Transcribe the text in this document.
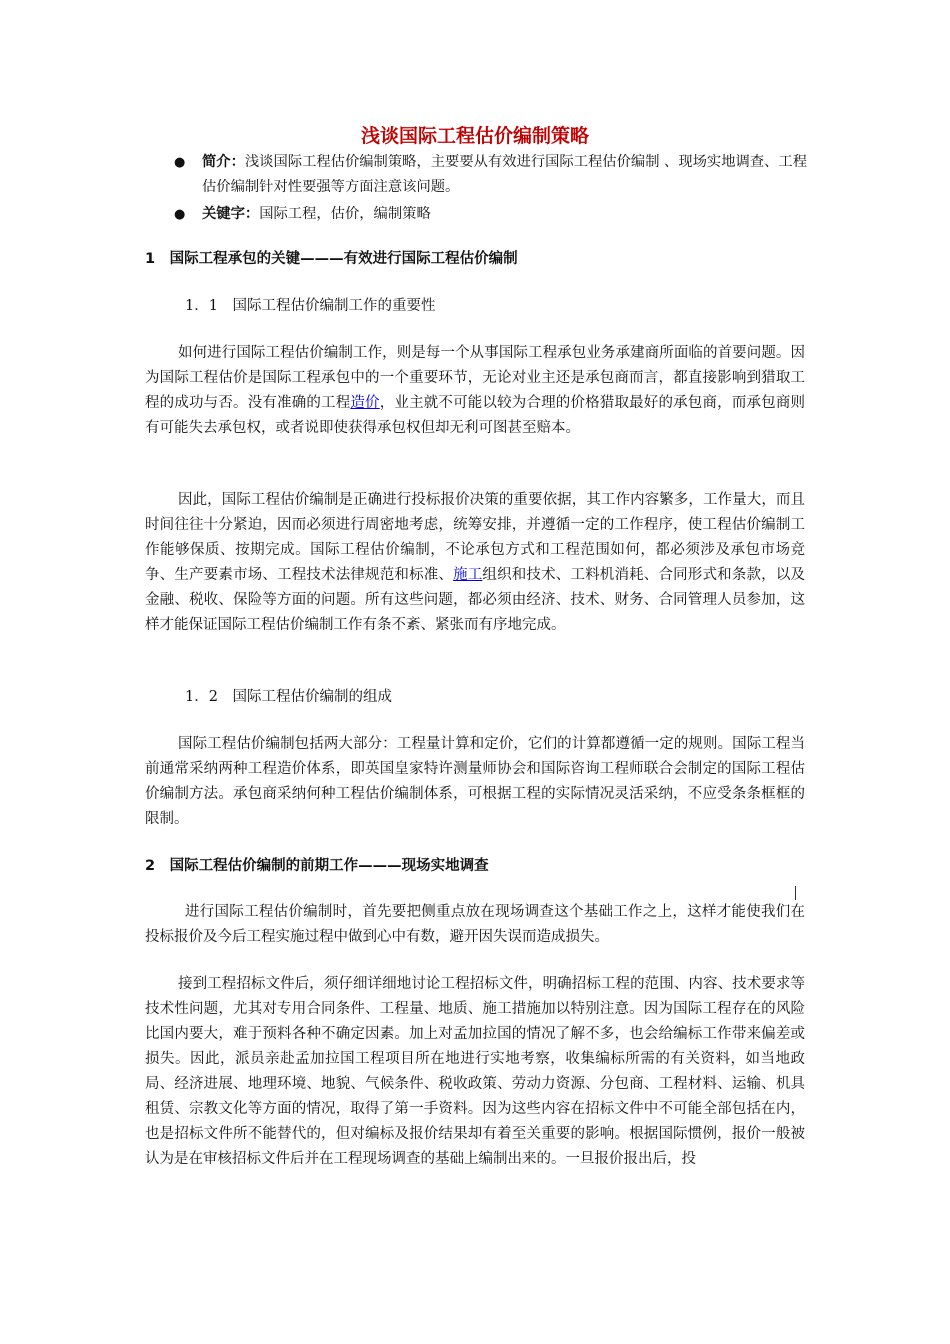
浅谈国际工程估价编制策略
● 简介：浅谈国际工程估价编制策略，主要要从有效进行国际工程估价编制 、现场实地调查、工程估价编制针对性要强等方面注意该问题。
● 关键字：国际工程，估价，编制策略
1　国际工程承包的关键———有效进行国际工程估价编制
1．1　国际工程估价编制工作的重要性

如何进行国际工程估价编制工作，则是每一个从事国际工程承包业务承建商所面临的首要问题。因为国际工程估价是国际工程承包中的一个重要环节，无论对业主还是承包商而言，都直接影响到猎取工程的成功与否。没有准确的工程造价，业主就不可能以较为合理的价格猎取最好的承包商，而承包商则有可能失去承包权，或者说即使获得承包权但却无利可图甚至赔本。

因此，国际工程估价编制是正确进行投标报价决策的重要依据，其工作内容繁多，工作量大，而且时间往往十分紧迫，因而必须进行周密地考虑，统筹安排，并遵循一定的工作程序，使工程估价编制工作能够保质、按期完成。国际工程估价编制，不论承包方式和工程范围如何，都必须涉及承包市场竞争、生产要素市场、工程技术法律规范和标准、施工组织和技术、工料机消耗、合同形式和条款，以及金融、税收、保险等方面的问题。所有这些问题，都必须由经济、技术、财务、合同管理人员参加，这样才能保证国际工程估价编制工作有条不紊、紧张而有序地完成。

1．2　国际工程估价编制的组成

国际工程估价编制包括两大部分：工程量计算和定价，它们的计算都遵循一定的规则。国际工程当前通常采纳两种工程造价体系，即英国皇家特许测量师协会和国际咨询工程师联合会制定的国际工程估价编制方法。承包商采纳何种工程估价编制体系，可根据工程的实际情况灵活采纳，不应受条条框框的限制。

2　国际工程估价编制的前期工作———现场实地调查

进行国际工程估价编制时，首先要把侧重点放在现场调查这个基础工作之上，这样才能使我们在投标报价及今后工程实施过程中做到心中有数，避开因失误而造成损失。

接到工程招标文件后，须仔细详细地讨论工程招标文件，明确招标工程的范围、内容、技术要求等技术性问题，尤其对专用合同条件、工程量、地质、施工措施加以特别注意。因为国际工程存在的风险比国内要大，难于预料各种不确定因素。加上对孟加拉国的情况了解不多，也会给编标工作带来偏差或损失。因此，派员亲赴孟加拉国工程项目所在地进行实地考察，收集编标所需的有关资料，如当地政局、经济进展、地理环境、地貌、气候条件、税收政策、劳动力资源、分包商、工程材料、运输、机具租赁、宗教文化等方面的情况，取得了第一手资料。因为这些内容在招标文件中不可能全部包括在内，也是招标文件所不能替代的，但对编标及报价结果却有着至关重要的影响。根据国际惯例，报价一般被认为是在审核招标文件后并在工程现场调查的基础上编制出来的。一旦报价报出后，投
